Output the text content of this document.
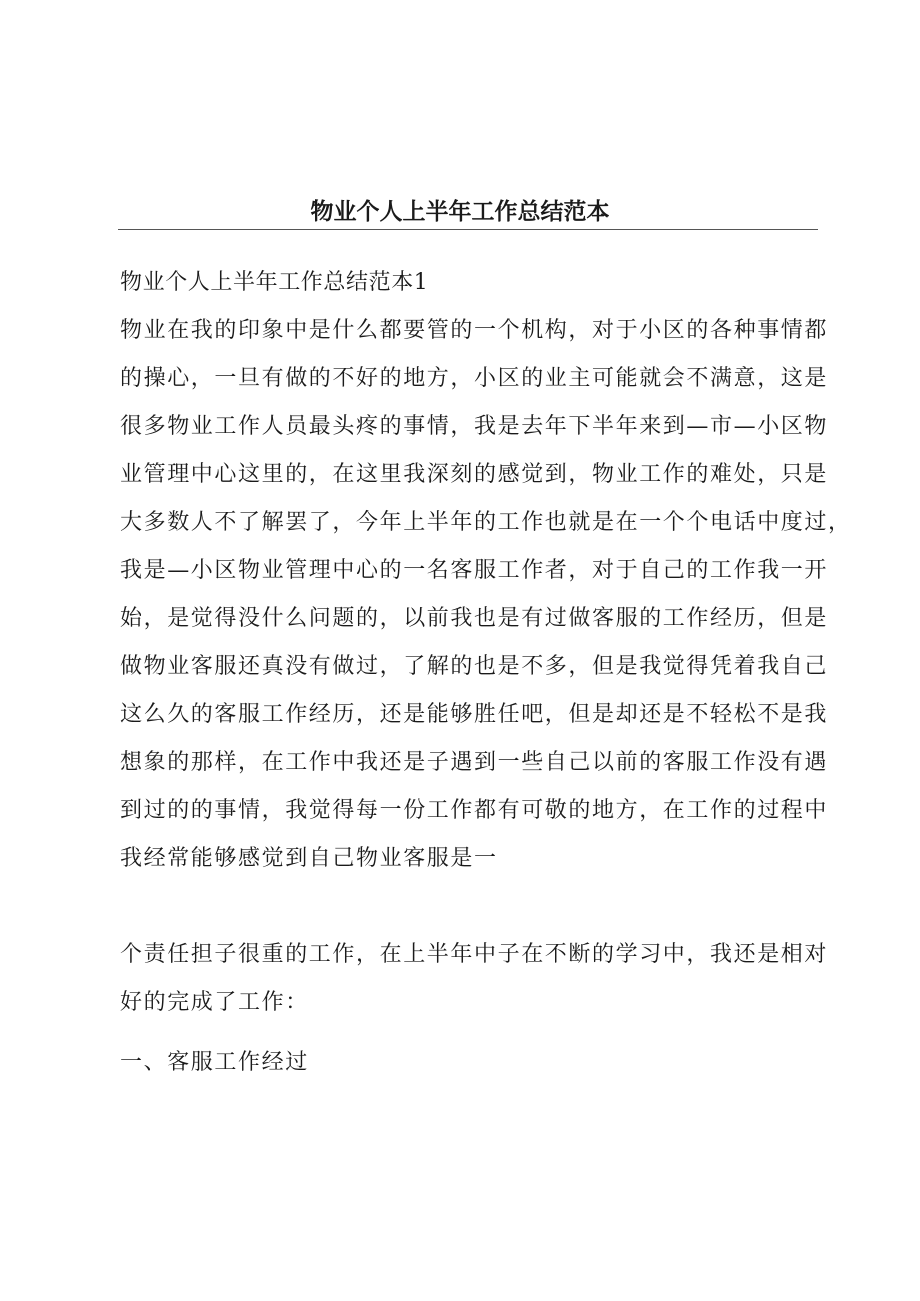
物业个人上半年工作总结范本
物业个人上半年工作总结范本1
物业在我的印象中是什么都要管的一个机构，对于小区的各种事情都
的操心，一旦有做的不好的地方，小区的业主可能就会不满意，这是
很多物业工作人员最头疼的事情，我是去年下半年来到—市—小区物
业管理中心这里的，在这里我深刻的感觉到，物业工作的难处，只是
大多数人不了解罢了，今年上半年的工作也就是在一个个电话中度过，
我是—小区物业管理中心的一名客服工作者，对于自己的工作我一开
始，是觉得没什么问题的，以前我也是有过做客服的工作经历，但是
做物业客服还真没有做过，了解的也是不多，但是我觉得凭着我自己
这么久的客服工作经历，还是能够胜任吧，但是却还是不轻松不是我
想象的那样，在工作中我还是子遇到一些自己以前的客服工作没有遇
到过的的事情，我觉得每一份工作都有可敬的地方，在工作的过程中
我经常能够感觉到自己物业客服是一
个责任担子很重的工作，在上半年中子在不断的学习中，我还是相对
好的完成了工作：
一、客服工作经过
